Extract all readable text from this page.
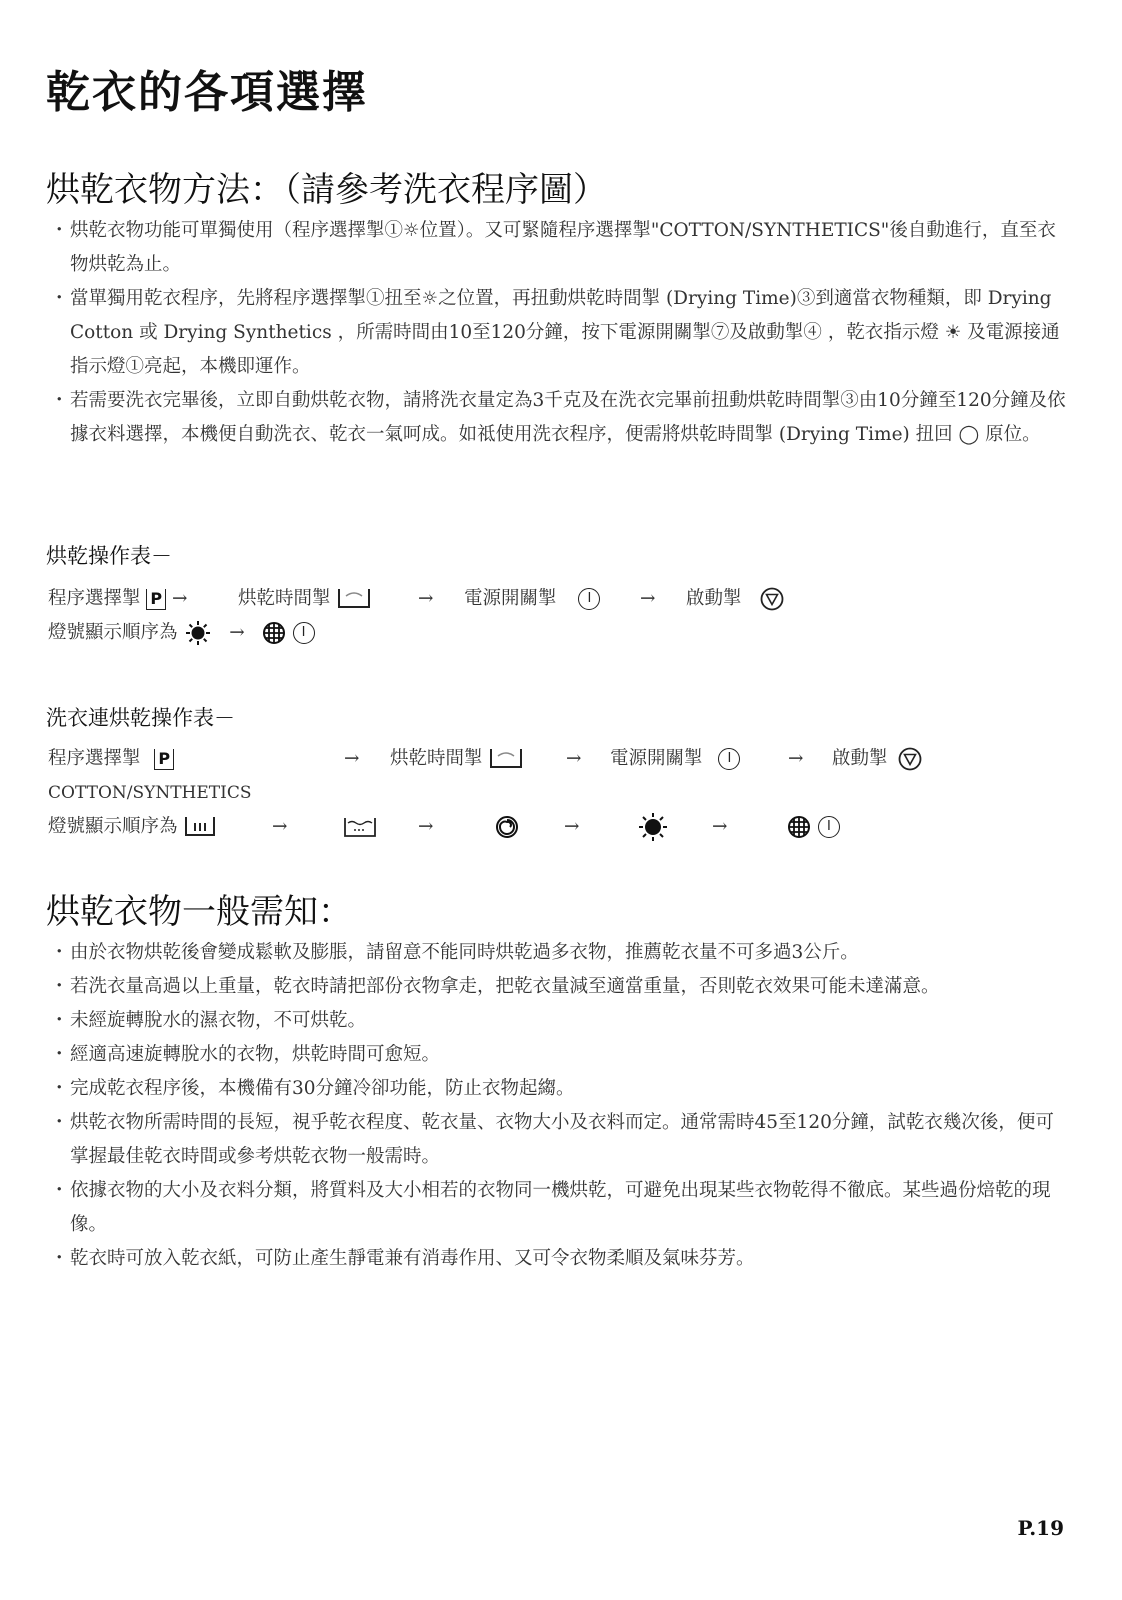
乾衣的各項選擇
烘乾衣物方法：（請參考洗衣程序圖）
・ 烘乾衣物功能可單獨使用（程序選擇掣①☼位置）。又可緊隨程序選擇掣"COTTON/SYNTHETICS"後自動進行，直至衣物烘乾為止。
・ 當單獨用乾衣程序，先將程序選擇掣①扭至☼之位置，再扭動烘乾時間掣 (Drying Time)③到適當衣物種類，即 Drying Cotton 或 Drying Synthetics ，所需時間由10至120分鐘，按下電源開關掣⑦及啟動掣④ ，乾衣指示燈 ☀ 及電源接通指示燈①亮起，本機即運作。
・ 若需要洗衣完畢後，立即自動烘乾衣物，請將洗衣量定為3千克及在洗衣完畢前扭動烘乾時間掣③由10分鐘至120分鐘及依據衣料選擇，本機便自動洗衣、乾衣一氣呵成。如祗使用洗衣程序，便需將烘乾時間掣 (Drying Time) 扭回 ◯ 原位。
烘乾操作表－
程序選擇掣 P →	烘乾時間掣	→ 電源開關掣 I	→ 啟動掣
燈號顯示順序為	→	I
洗衣連烘乾操作表－
程序選擇掣 P	→ 烘乾時間掣	→ 電源開關掣 I	→ 啟動掣
COTTON/SYNTHETICS
燈號顯示順序為	→	→	→	→	I
烘乾衣物一般需知：
・ 由於衣物烘乾後會變成鬆軟及膨脹，請留意不能同時烘乾過多衣物，推薦乾衣量不可多過3公斤。
・ 若洗衣量高過以上重量，乾衣時請把部份衣物拿走，把乾衣量減至適當重量，否則乾衣效果可能未達滿意。
・ 未經旋轉脫水的濕衣物，不可烘乾。
・ 經適高速旋轉脫水的衣物，烘乾時間可愈短。
・ 完成乾衣程序後，本機備有30分鐘冷卻功能，防止衣物起縐。
・ 烘乾衣物所需時間的長短，視乎乾衣程度、乾衣量、衣物大小及衣料而定。通常需時45至120分鐘，試乾衣幾次後，便可掌握最佳乾衣時間或參考烘乾衣物一般需時。
・ 依據衣物的大小及衣料分類，將質料及大小相若的衣物同一機烘乾，可避免出現某些衣物乾得不徹底。某些過份焙乾的現像。
・ 乾衣時可放入乾衣紙，可防止產生靜電兼有消毒作用、又可令衣物柔順及氣味芬芳。
P.19
